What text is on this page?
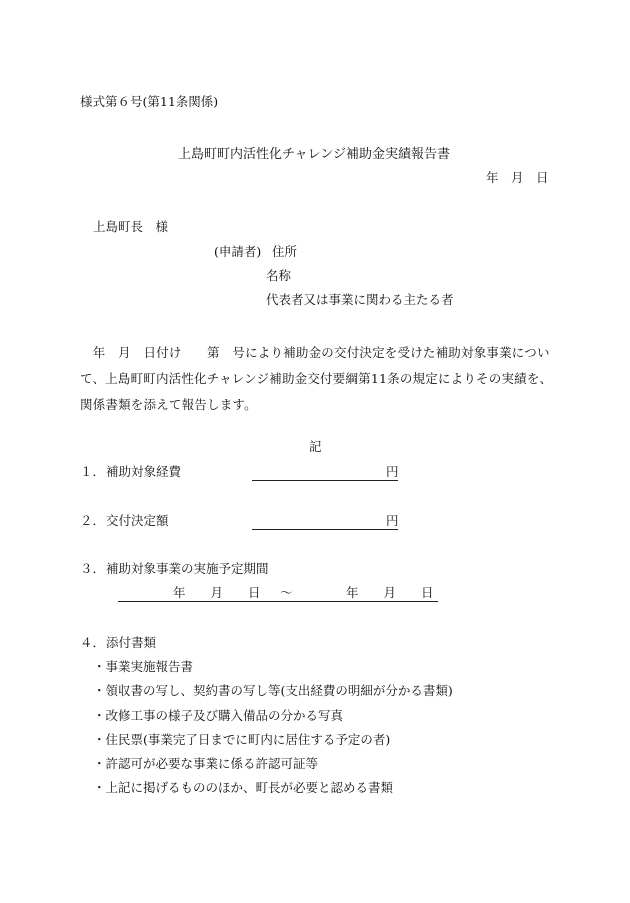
様式第６号(第11条関係)
上島町町内活性化チャレンジ補助金実績報告書
年　月　日
上島町長　様
(申請者) 住所
名称
代表者又は事業に関わる主たる者
　年　月　日付け　　第　号により補助金の交付決定を受けた補助対象事業について、上島町町内活性化チャレンジ補助金交付要綱第11条の規定によりその実績を、関係書類を添えて報告します。
記
１． 補助対象経費	円
２． 交付決定額	円
３． 補助対象事業の実施予定期間
年　　月　　日 ～	年　　月　　日
４． 添付書類
・事業実施報告書
・領収書の写し、契約書の写し等(支出経費の明細が分かる書類)
・改修工事の様子及び購入備品の分かる写真
・住民票(事業完了日までに町内に居住する予定の者)
・許認可が必要な事業に係る許認可証等
・上記に掲げるもののほか、町長が必要と認める書類
